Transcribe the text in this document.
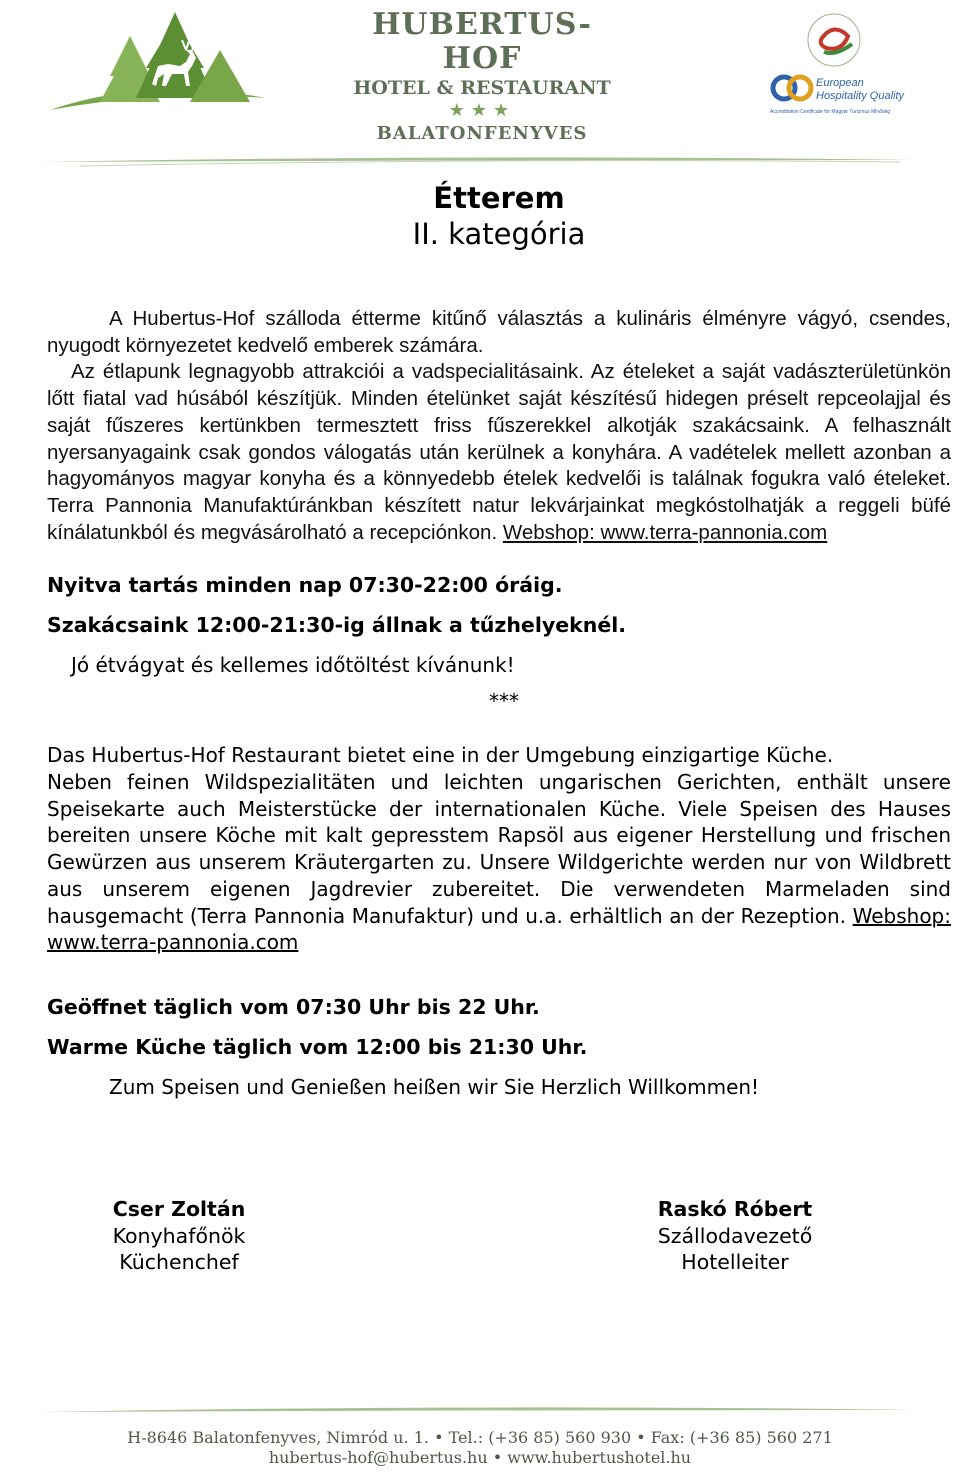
HUBERTUS-HOF
HOTEL & RESTAURANT
★★★
BALATONFENYVES
European
Hospitality Quality
Accreditation Certificate for Magyar Turizmus Minőség
Étterem
II. kategória

A Hubertus-Hof szálloda étterme kitűnő választás a kulináris élményre vágyó, csendes, nyugodt környezetet kedvelő emberek számára.

Az étlapunk legnagyobb attrakciói a vadspecialitásaink. Az ételeket a saját vadászterületünkön lőtt fiatal vad húsából készítjük. Minden ételünket saját készítésű hidegen préselt repceolajjal és saját fűszeres kertünkben termesztett friss fűszerekkel alkotják szakácsaink. A felhasznált nyersanyagaink csak gondos válogatás után kerülnek a konyhára. A vadételek mellett azonban a hagyományos magyar konyha és a könnyedebb ételek kedvelői is találnak fogukra való ételeket. Terra Pannonia Manufaktúránkban készített natur lekvárjainkat megkóstolhatják a reggeli büfé kínálatunkból és megvásárolható a recepciónkon. Webshop: www.terra-pannonia.com

Nyitva tartás minden nap 07:30-22:00 óráig.
Szakácsaink 12:00-21:30-ig állnak a tűzhelyeknél.
Jó étvágyat és kellemes időtöltést kívánunk!
***

Das Hubertus-Hof Restaurant bietet eine in der Umgebung einzigartige Küche.

Neben feinen Wildspezialitäten und leichten ungarischen Gerichten, enthält unsere Speisekarte auch Meisterstücke der internationalen Küche. Viele Speisen des Hauses bereiten unsere Köche mit kalt gepresstem Rapsöl aus eigener Herstellung und frischen Gewürzen aus unserem Kräutergarten zu. Unsere Wildgerichte werden nur von Wildbrett aus unserem eigenen Jagdrevier zubereitet. Die verwendeten Marmeladen sind hausgemacht (Terra Pannonia Manufaktur) und u.a. erhältlich an der Rezeption. Webshop: www.terra-pannonia.com

Geöffnet täglich vom 07:30 Uhr bis 22 Uhr.
Warme Küche täglich vom 12:00 bis 21:30 Uhr.
Zum Speisen und Genießen heißen wir Sie Herzlich Willkommen!
Cser Zoltán
Konyhafőnök
Küchenchef
Raskó Róbert
Szállodavezető
Hotelleiter
H-8646 Balatonfenyves, Nimród u. 1. • Tel.: (+36 85) 560 930 • Fax: (+36 85) 560 271
hubertus-hof@hubertus.hu • www.hubertushotel.hu
